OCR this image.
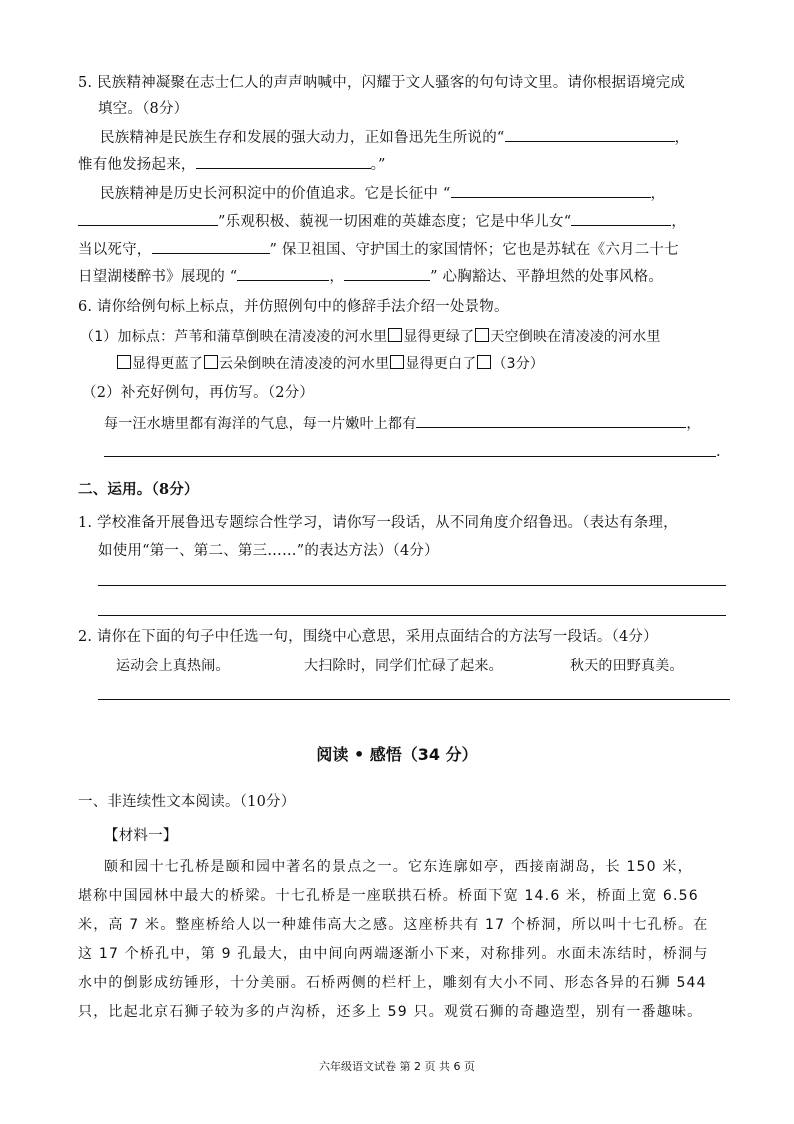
5. 民族精神凝聚在志士仁人的声声呐喊中，闪耀于文人骚客的句句诗文里。请你根据语境完成
填空。（8分）
民族精神是民族生存和发展的强大动力，正如鲁迅先生所说的“	，
惟有他发扬起来，	。”
民族精神是历史长河积淀中的价值追求。它是长征中 “	，
”乐观积极、藐视一切困难的英雄态度；它是中华儿女“	，
当以死守，	” 保卫祖国、守护国土的家国情怀；它也是苏轼在《六月二十七
日望湖楼醉书》展现的 “	，	” 心胸豁达、平静坦然的处事风格。
6. 请你给例句标上标点，并仿照例句中的修辞手法介绍一处景物。
（1）加标点：芦苇和蒲草倒映在清凌凌的河水里 显得更绿了 天空倒映在清凌凌的河水里
显得更蓝了 云朵倒映在清凌凌的河水里 显得更白了 （3分）
（2）补充好例句，再仿写。（2分）
每一汪水塘里都有海洋的气息，每一片嫩叶上都有	，
.
二、运用。（8分）
1. 学校准备开展鲁迅专题综合性学习，请你写一段话，从不同角度介绍鲁迅。（表达有条理，
如使用“第一、第二、第三……”的表达方法）（4分）
2. 请你在下面的句子中任选一句，围绕中心意思，采用点面结合的方法写一段话。（4分）
运动会上真热闹。	大扫除时，同学们忙碌了起来。	秋天的田野真美。
阅读 • 感悟（34 分）
一、非连续性文本阅读。（10分）
【材料一】
颐和园十七孔桥是颐和园中著名的景点之一。它东连廓如亭，西接南湖岛，长 150 米，
堪称中国园林中最大的桥梁。十七孔桥是一座联拱石桥。桥面下宽 14.6 米，桥面上宽 6.56
米，高 7 米。整座桥给人以一种雄伟高大之感。这座桥共有 17 个桥洞，所以叫十七孔桥。在
这 17 个桥孔中，第 9 孔最大，由中间向两端逐渐小下来，对称排列。水面未冻结时，桥洞与
水中的倒影成纺锤形，十分美丽。石桥两侧的栏杆上，雕刻有大小不同、形态各异的石狮 544
只，比起北京石狮子较为多的卢沟桥，还多上 59 只。观赏石狮的奇趣造型，别有一番趣味。
六年级语文试卷 第 2 页 共 6 页
